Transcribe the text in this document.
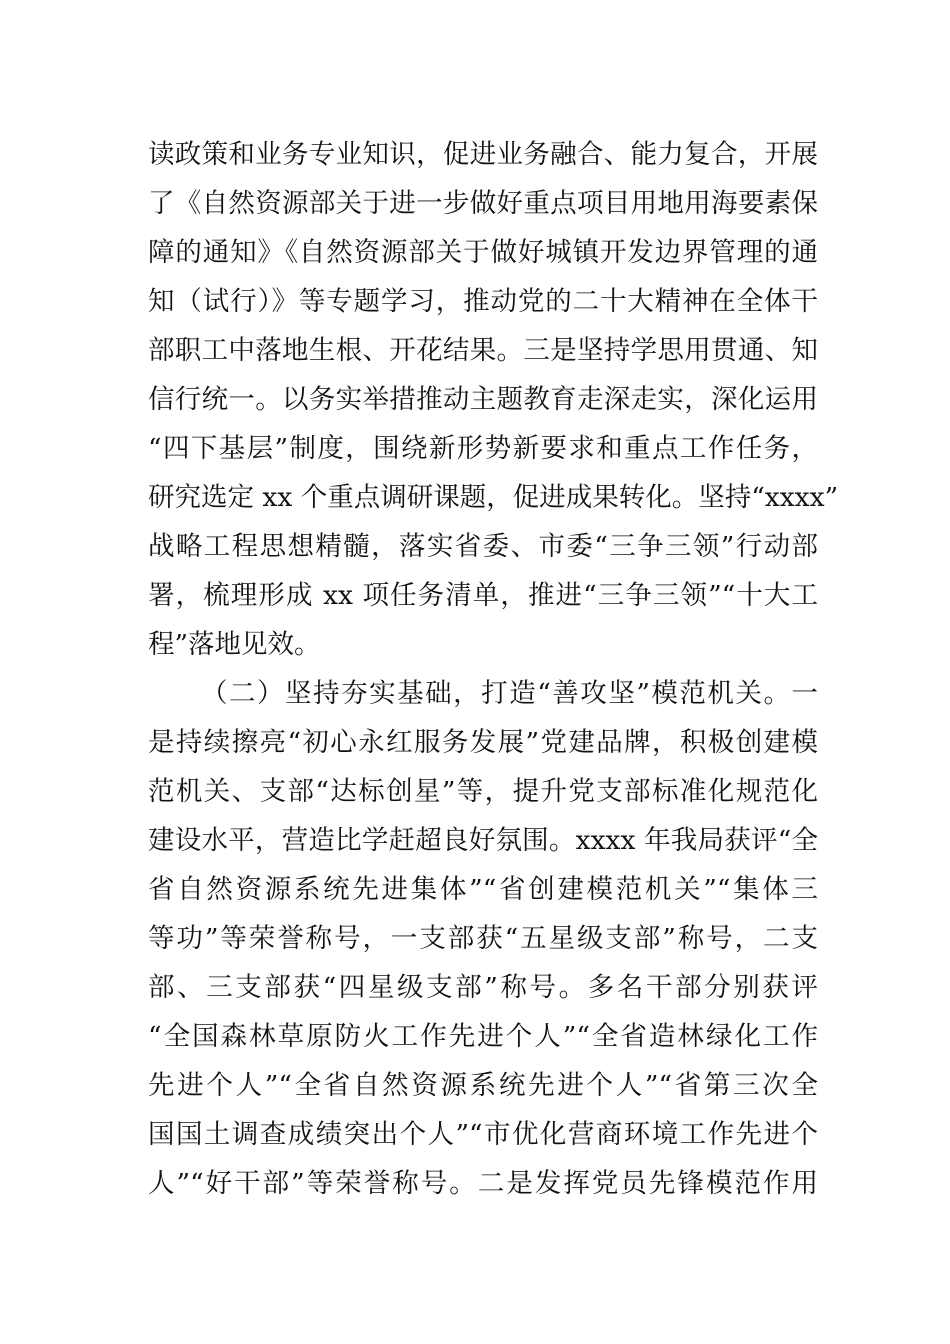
读政策和业务专业知识，促进业务融合、能力复合，开展
了《自然资源部关于进一步做好重点项目用地用海要素保
障的通知》《自然资源部关于做好城镇开发边界管理的通
知（试行）》等专题学习，推动党的二十大精神在全体干
部职工中落地生根、开花结果。三是坚持学思用贯通、知
信行统一。以务实举措推动主题教育走深走实，深化运用
“四下基层”制度，围绕新形势新要求和重点工作任务，
研究选定 xx 个重点调研课题，促进成果转化。坚持“xxxx”
战略工程思想精髓，落实省委、市委“三争三领”行动部
署，梳理形成 xx 项任务清单，推进“三争三领”“十大工
程”落地见效。
（二）坚持夯实基础，打造“善攻坚”模范机关。一
是持续擦亮“初心永红服务发展”党建品牌，积极创建模
范机关、支部“达标创星”等，提升党支部标准化规范化
建设水平，营造比学赶超良好氛围。xxxx 年我局获评“全
省自然资源系统先进集体”“省创建模范机关”“集体三
等功”等荣誉称号，一支部获“五星级支部”称号，二支
部、三支部获“四星级支部”称号。多名干部分别获评
“全国森林草原防火工作先进个人”“全省造林绿化工作
先进个人”“全省自然资源系统先进个人”“省第三次全
国国土调查成绩突出个人”“市优化营商环境工作先进个
人”“好干部”等荣誉称号。二是发挥党员先锋模范作用
